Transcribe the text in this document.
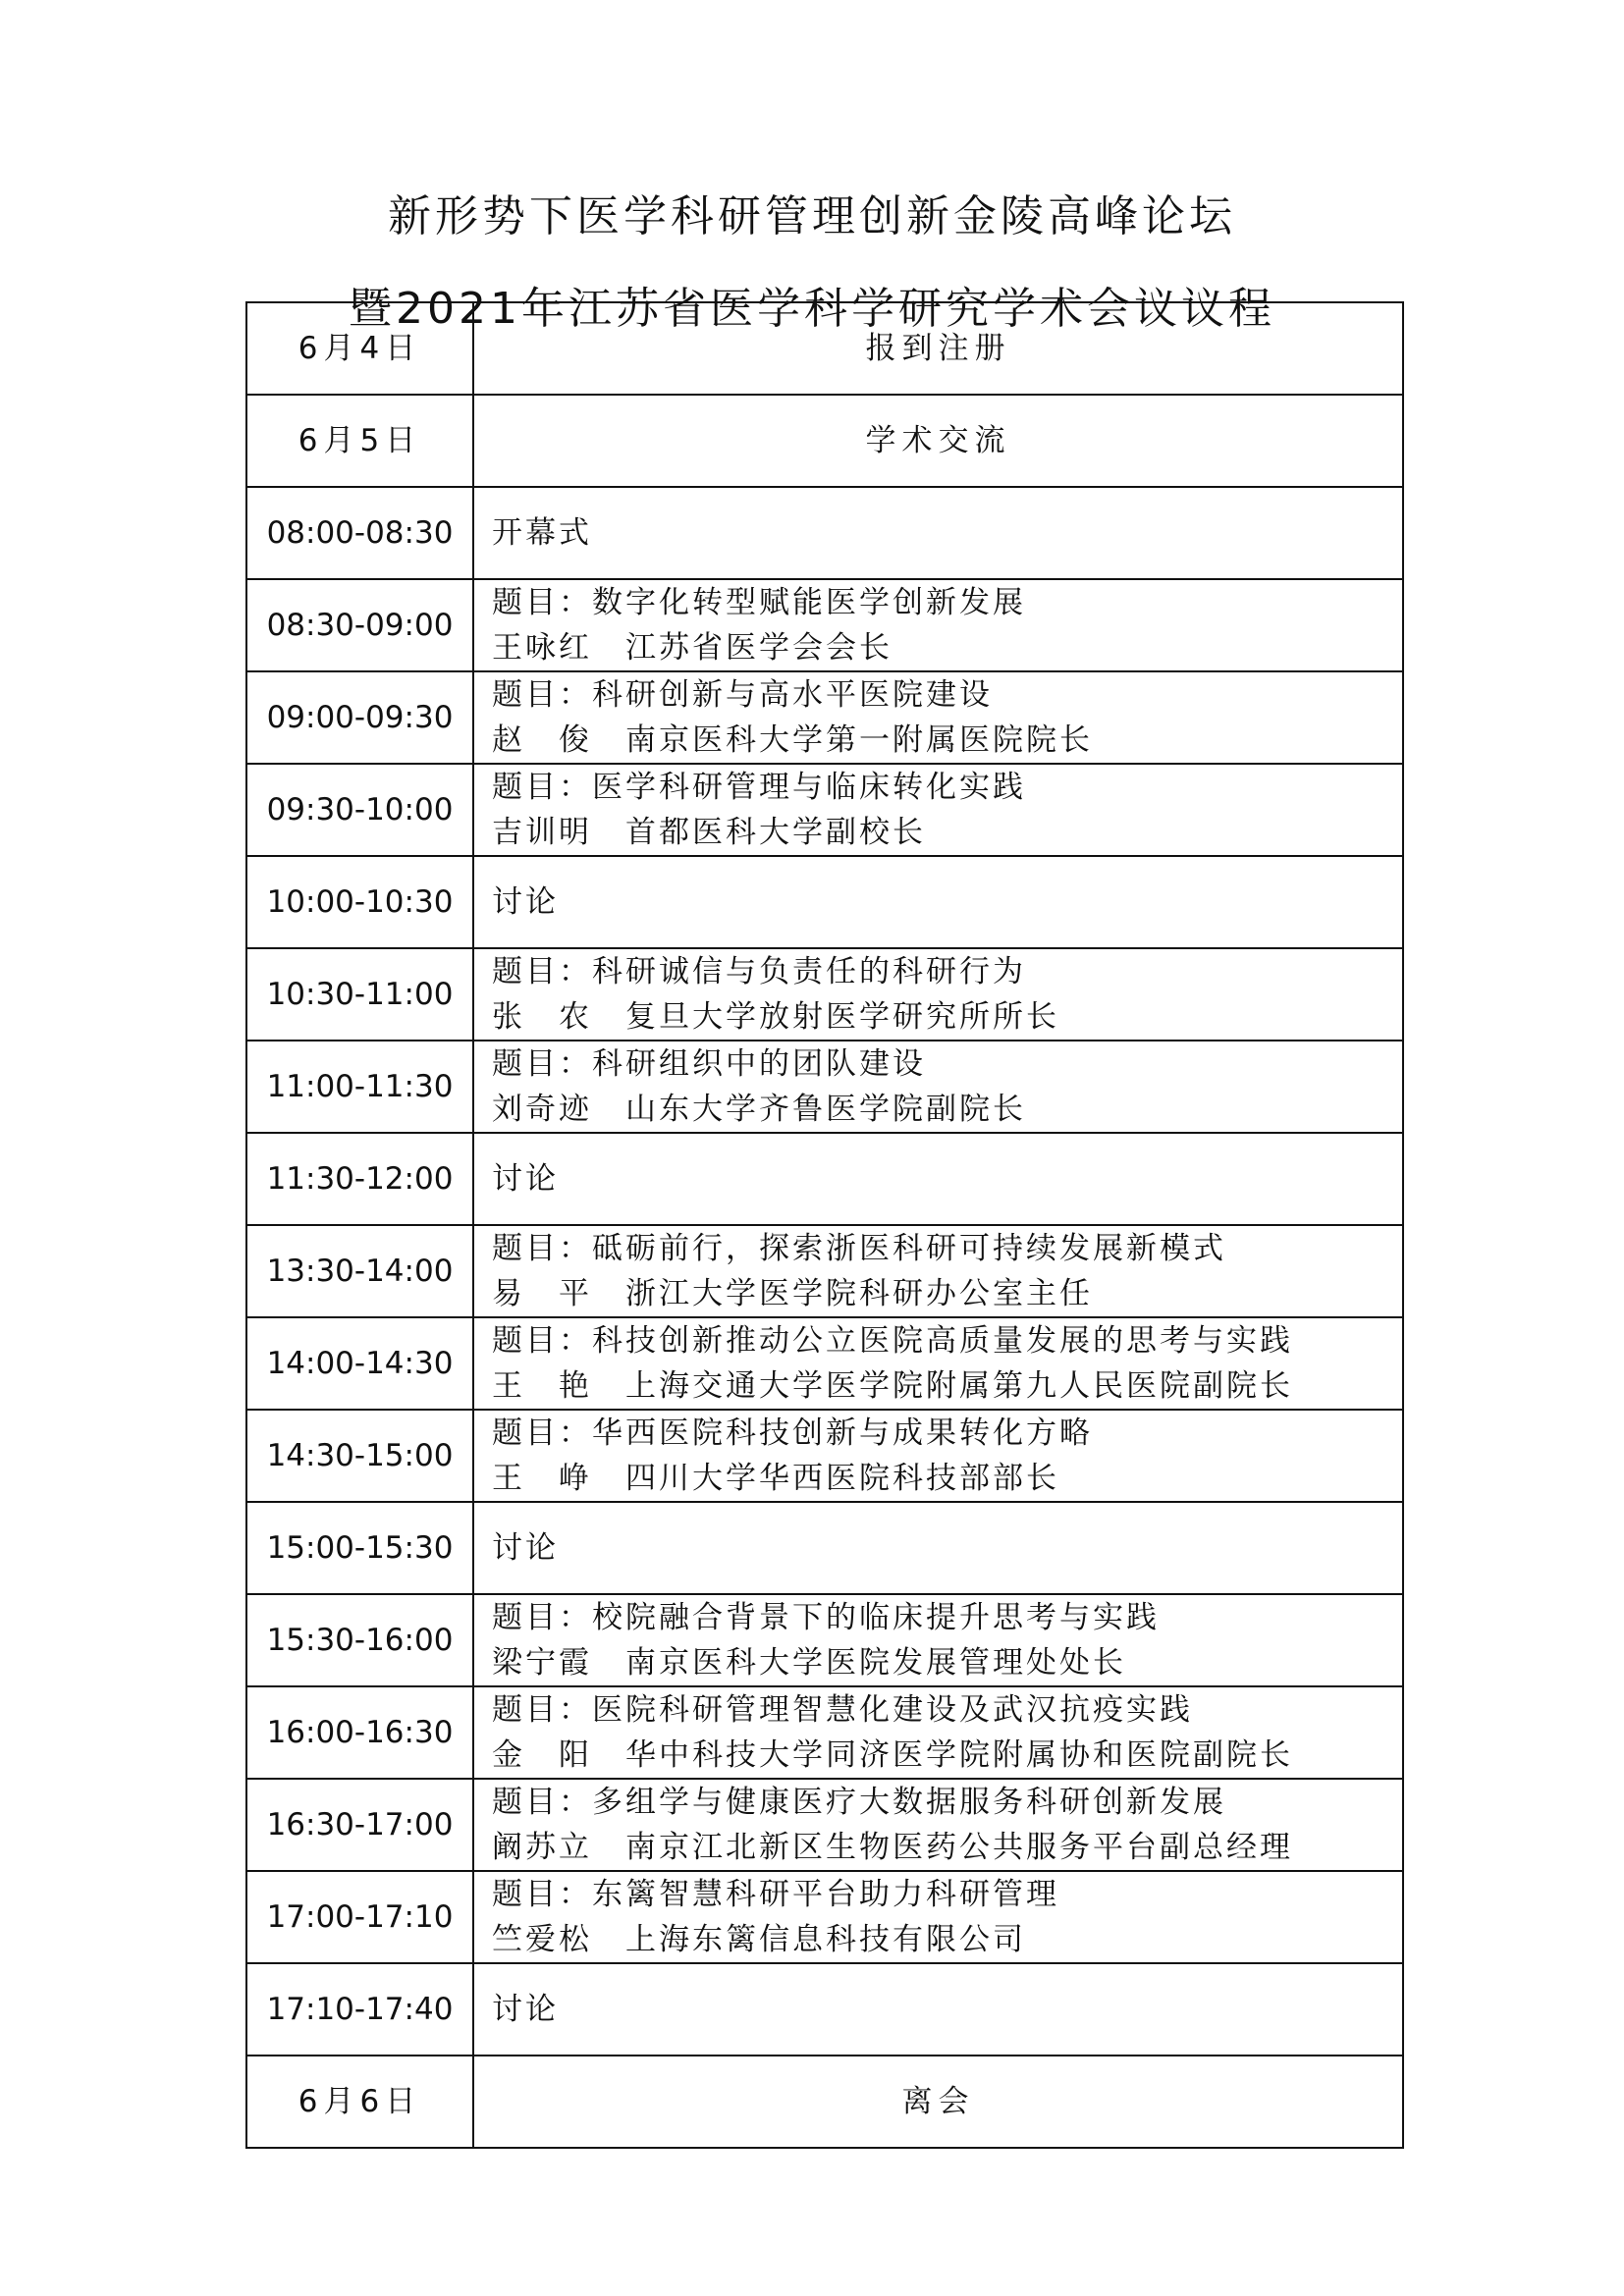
新形势下医学科研管理创新金陵高峰论坛
暨2021年江苏省医学科学研究学术会议议程
6月4日	报到注册
6月5日	学术交流
08:00-08:30	开幕式
08:30-09:00	题目：数字化转型赋能医学创新发展
王咏红　江苏省医学会会长

09:00-09:30	题目：科研创新与高水平医院建设
赵　俊　南京医科大学第一附属医院院长

09:30-10:00	题目：医学科研管理与临床转化实践
吉训明　首都医科大学副校长

10:00-10:30	讨论
10:30-11:00	题目：科研诚信与负责任的科研行为
张　农　复旦大学放射医学研究所所长

11:00-11:30	题目：科研组织中的团队建设
刘奇迹　山东大学齐鲁医学院副院长

11:30-12:00	讨论
13:30-14:00	题目：砥砺前行，探索浙医科研可持续发展新模式
易　平　浙江大学医学院科研办公室主任

14:00-14:30	题目：科技创新推动公立医院高质量发展的思考与实践
王　艳　上海交通大学医学院附属第九人民医院副院长

14:30-15:00	题目：华西医院科技创新与成果转化方略
王　峥　四川大学华西医院科技部部长

15:00-15:30	讨论
15:30-16:00	题目：校院融合背景下的临床提升思考与实践
梁宁霞　南京医科大学医院发展管理处处长

16:00-16:30	题目：医院科研管理智慧化建设及武汉抗疫实践
金　阳　华中科技大学同济医学院附属协和医院副院长

16:30-17:00	题目：多组学与健康医疗大数据服务科研创新发展
阚苏立　南京江北新区生物医药公共服务平台副总经理

17:00-17:10	题目：东篱智慧科研平台助力科研管理
竺爱松　上海东篱信息科技有限公司

17:10-17:40	讨论
6月6日	离会
